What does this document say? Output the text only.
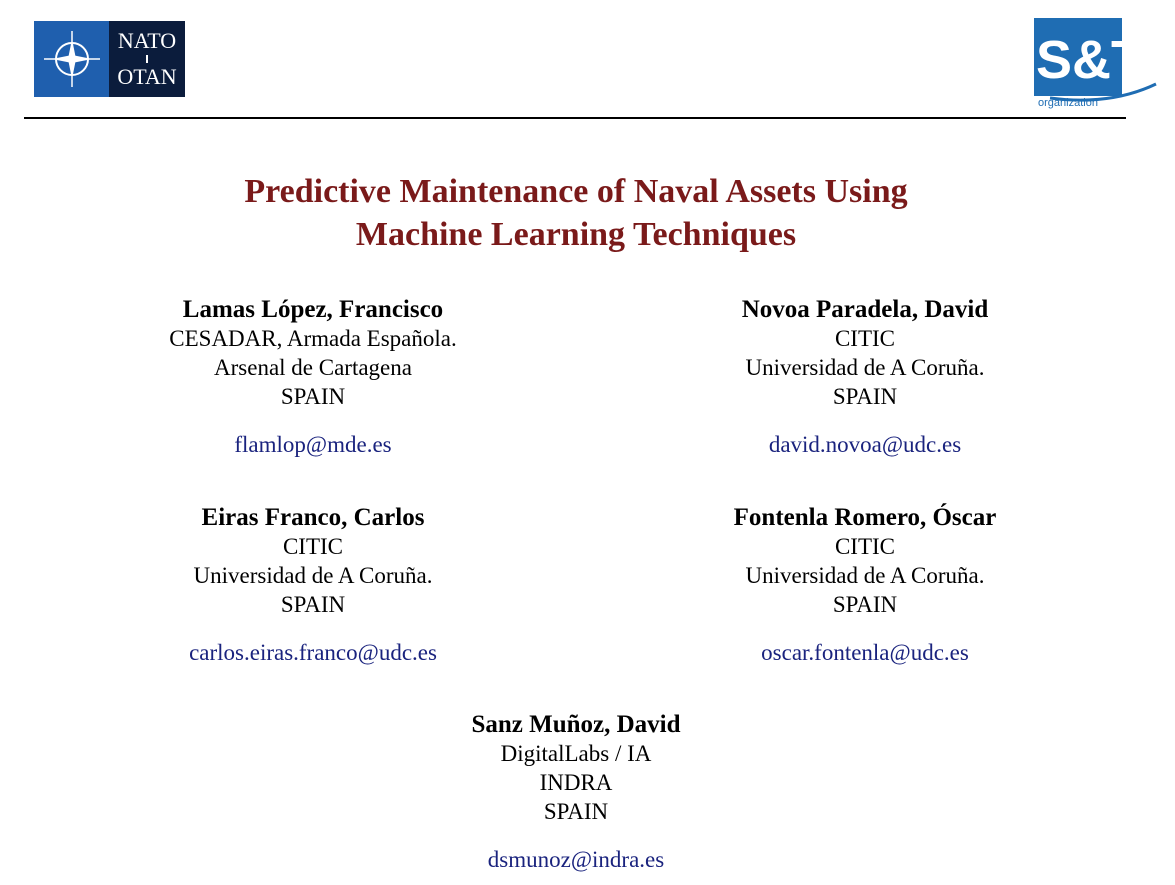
NATO
OTAN	S&T
organization
Predictive Maintenance of Naval Assets Using
Machine Learning Techniques
Lamas López, Francisco
CESADAR, Armada Española.
Arsenal de Cartagena
SPAIN
flamlop@mde.es
Novoa Paradela, David
CITIC
Universidad de A Coruña.
SPAIN
david.novoa@udc.es
Eiras Franco, Carlos
CITIC
Universidad de A Coruña.
SPAIN
carlos.eiras.franco@udc.es
Fontenla Romero, Óscar
CITIC
Universidad de A Coruña.
SPAIN
oscar.fontenla@udc.es
Sanz Muñoz, David
DigitalLabs / IA
INDRA
SPAIN
dsmunoz@indra.es
